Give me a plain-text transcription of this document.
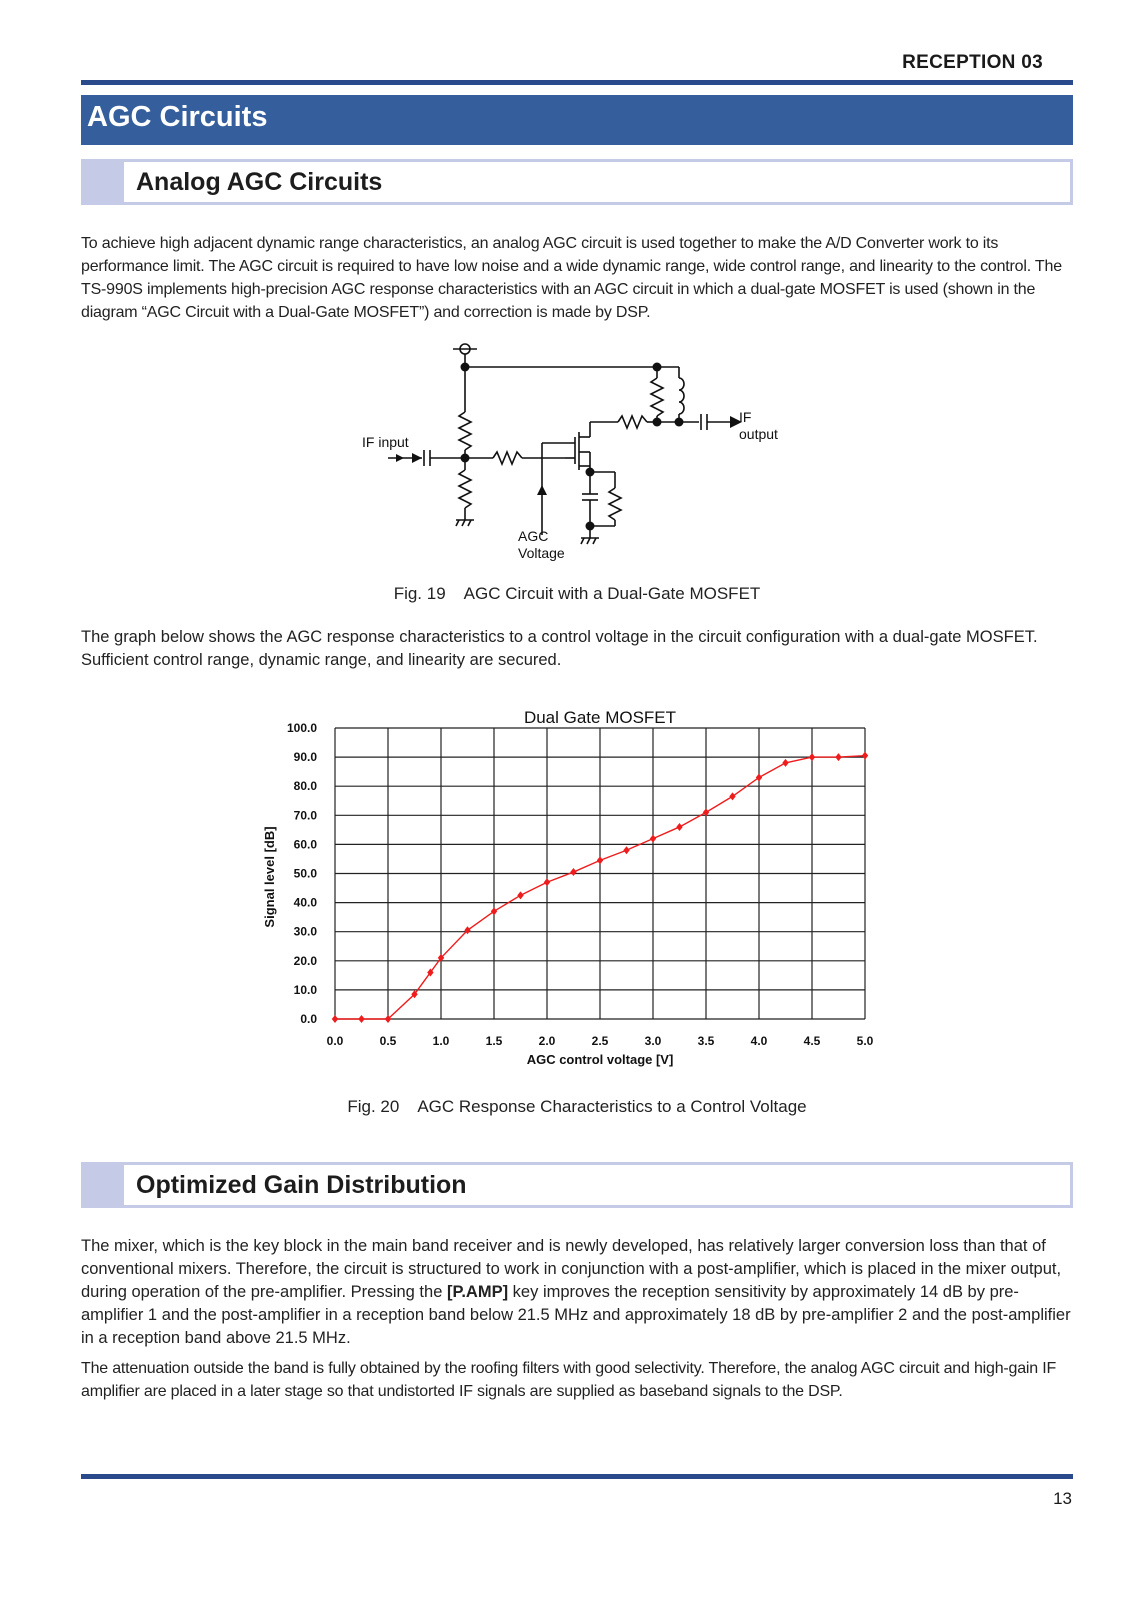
RECEPTION 03
AGC Circuits
Analog AGC Circuits
To achieve high adjacent dynamic range characteristics, an analog AGC circuit is used together to make the A/D Converter work to its performance limit. The AGC circuit is required to have low noise and a wide dynamic range, wide control range, and linearity to the control. The TS-990S implements high-precision AGC response characteristics with an AGC circuit in which a dual-gate MOSFET is used (shown in the diagram “AGC Circuit with a Dual-Gate MOSFET”) and correction is made by DSP.
IF input
IF
output
AGC
Voltage
Fig. 19 AGC Circuit with a Dual-Gate MOSFET
The graph below shows the AGC response characteristics to a control voltage in the circuit configuration with a dual-gate MOSFET. Sufficient control range, dynamic range, and linearity are secured.
Dual Gate MOSFET
0.0	0.5	1.0	1.5	2.0	2.5	3.0	3.5	4.0	4.5	5.0
0.0
10.0
20.0
30.0
40.0
50.0
60.0
70.0
80.0
90.0
100.0
AGC control voltage [V]
Signal level [dB]
Fig. 20 AGC Response Characteristics to a Control Voltage
Optimized Gain Distribution
The mixer, which is the key block in the main band receiver and is newly developed, has relatively larger conversion loss than that of conventional mixers. Therefore, the circuit is structured to work in conjunction with a post-amplifier, which is placed in the mixer output, during operation of the pre-amplifier. Pressing the [P.AMP] key improves the reception sensitivity by approximately 14 dB by pre-amplifier 1 and the post-amplifier in a reception band below 21.5 MHz and approximately 18 dB by pre-amplifier 2 and the post-amplifier in a reception band above 21.5 MHz.
The attenuation outside the band is fully obtained by the roofing filters with good selectivity. Therefore, the analog AGC circuit and high-gain IF amplifier are placed in a later stage so that undistorted IF signals are supplied as baseband signals to the DSP.
13
